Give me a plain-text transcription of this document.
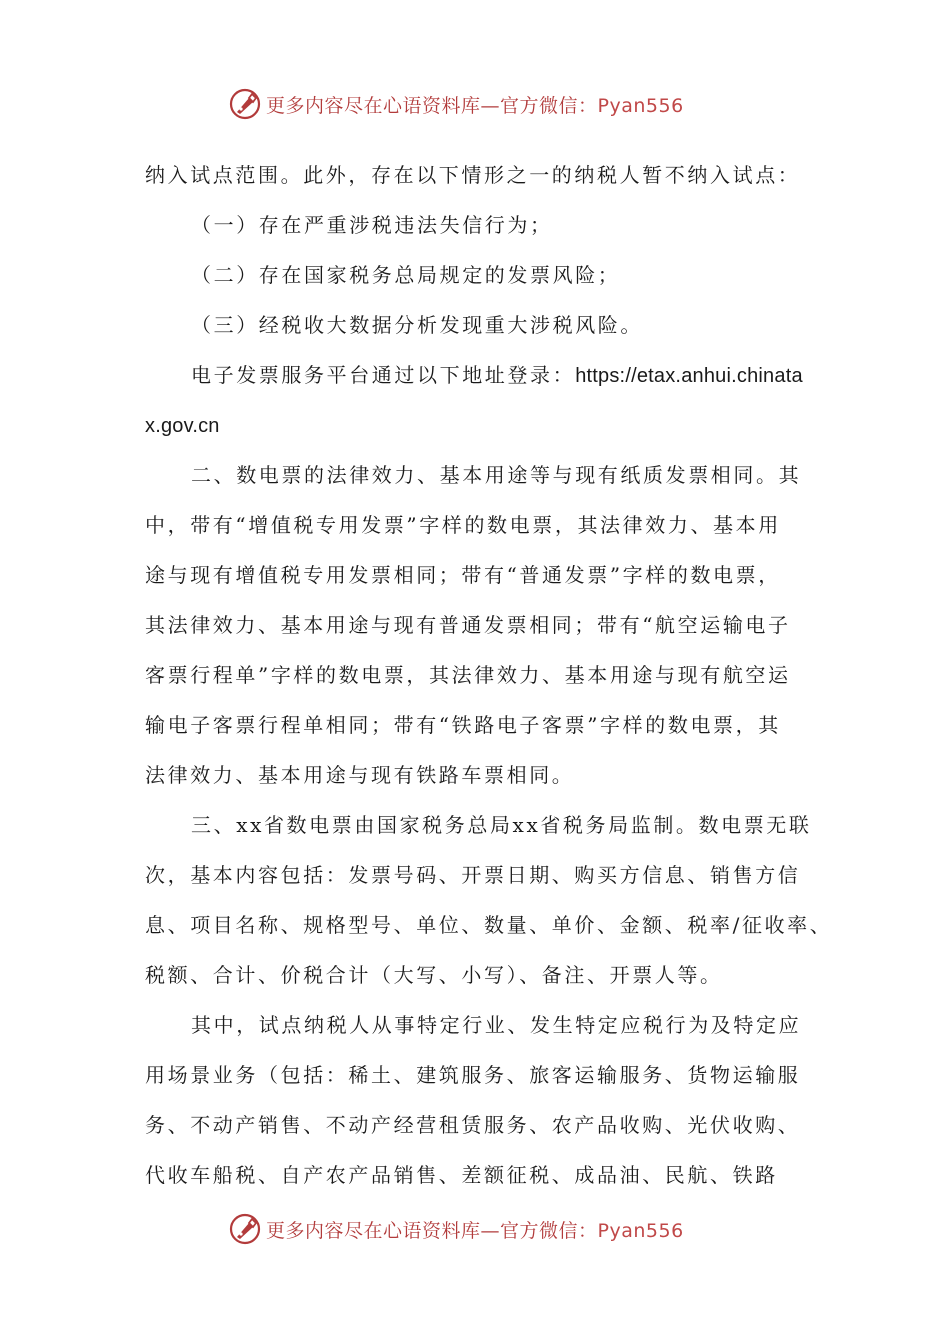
更多内容尽在心语资料库—官方微信：Pyan556
纳入试点范围。此外，存在以下情形之一的纳税人暂不纳入试点：
（一）存在严重涉税违法失信行为；
（二）存在国家税务总局规定的发票风险；
（三）经税收大数据分析发现重大涉税风险。
电子发票服务平台通过以下地址登录：https://etax.anhui.chinata
x.gov.cn
二、数电票的法律效力、基本用途等与现有纸质发票相同。其
中，带有“增值税专用发票”字样的数电票，其法律效力、基本用
途与现有增值税专用发票相同；带有“普通发票”字样的数电票，
其法律效力、基本用途与现有普通发票相同；带有“航空运输电子
客票行程单”字样的数电票，其法律效力、基本用途与现有航空运
输电子客票行程单相同；带有“铁路电子客票”字样的数电票，其
法律效力、基本用途与现有铁路车票相同。
三、xx省数电票由国家税务总局xx省税务局监制。数电票无联
次，基本内容包括：发票号码、开票日期、购买方信息、销售方信
息、项目名称、规格型号、单位、数量、单价、金额、税率/征收率、
税额、合计、价税合计（大写、小写）、备注、开票人等。
其中，试点纳税人从事特定行业、发生特定应税行为及特定应
用场景业务（包括：稀土、建筑服务、旅客运输服务、货物运输服
务、不动产销售、不动产经营租赁服务、农产品收购、光伏收购、
代收车船税、自产农产品销售、差额征税、成品油、民航、铁路
更多内容尽在心语资料库—官方微信：Pyan556
